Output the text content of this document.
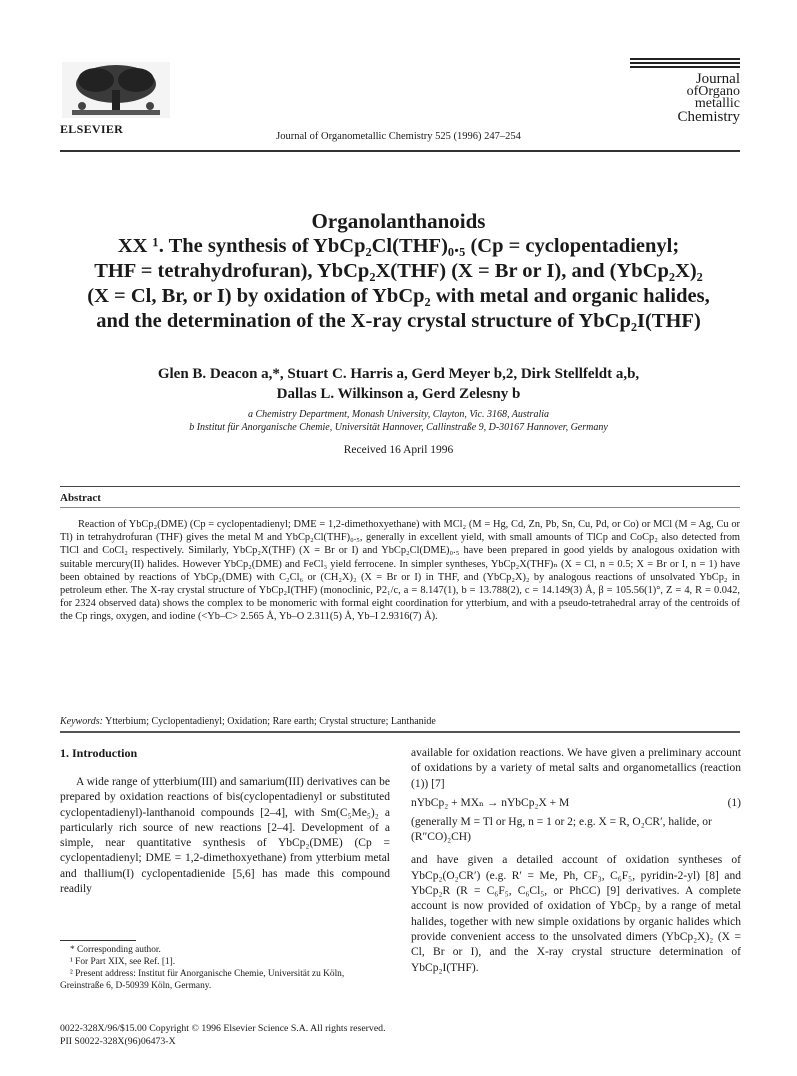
ELSEVIER
Journal of Organometallic Chemistry 525 (1996) 247–254
Journal
ofOrgano
metallic
Chemistry
Organolanthanoids
XX ¹. The synthesis of YbCp₂Cl(THF)₀.₅ (Cp = cyclopentadienyl;
THF = tetrahydrofuran), YbCp₂X(THF) (X = Br or I), and (YbCp₂X)₂
(X = Cl, Br, or I) by oxidation of YbCp₂ with metal and organic halides,
and the determination of the X-ray crystal structure of YbCp₂I(THF)
Glen B. Deacon a,*, Stuart C. Harris a, Gerd Meyer b,2, Dirk Stellfeldt a,b,
Dallas L. Wilkinson a, Gerd Zelesny b
a Chemistry Department, Monash University, Clayton, Vic. 3168, Australia
b Institut für Anorganische Chemie, Universität Hannover, Callinstraße 9, D-30167 Hannover, Germany
Received 16 April 1996
Abstract
Reaction of YbCp₂(DME) (Cp = cyclopentadienyl; DME = 1,2-dimethoxyethane) with MCl₂ (M = Hg, Cd, Zn, Pb, Sn, Cu, Pd, or Co) or MCl (M = Ag, Cu or Tl) in tetrahydrofuran (THF) gives the metal M and YbCp₂Cl(THF)₀.₅, generally in excellent yield, with small amounts of TlCp and CoCp₂ also detected from TlCl and CoCl₂ respectively. Similarly, YbCp₂X(THF) (X = Br or I) and YbCp₂Cl(DME)₀.₅ have been prepared in good yields by analogous oxidation with suitable mercury(II) halides. However YbCp₂(DME) and FeCl₃ yield ferrocene. In simpler syntheses, YbCp₂X(THF)ₙ (X = Cl, n = 0.5; X = Br or I, n = 1) have been obtained by reactions of YbCp₂(DME) with C₂Cl₆ or (CH₂X)₂ (X = Br or I) in THF, and (YbCp₂X)₂ by analogous reactions of unsolvated YbCp₂ in petroleum ether. The X-ray crystal structure of YbCp₂I(THF) (monoclinic, P2₁/c, a = 8.147(1), b = 13.788(2), c = 14.149(3) Å, β = 105.56(1)°, Z = 4, R = 0.042, for 2324 observed data) shows the complex to be monomeric with formal eight coordination for ytterbium, and with a pseudo-tetrahedral array of the centroids of the Cp rings, oxygen, and iodine (<Yb–C> 2.565 Å, Yb–O 2.311(5) Å, Yb–I 2.9316(7) Å).
Keywords: Ytterbium; Cyclopentadienyl; Oxidation; Rare earth; Crystal structure; Lanthanide
1. Introduction

A wide range of ytterbium(III) and samarium(III) derivatives can be prepared by oxidation reactions of bis(cyclopentadienyl or substituted cyclopentadienyl)-lanthanoid compounds [2–4], with Sm(C₅Me₅)₂ a particularly rich source of new reactions [2–4]. Development of a simple, near quantitative synthesis of YbCp₂(DME) (Cp = cyclopentadienyl; DME = 1,2-dimethoxyethane) from ytterbium metal and thallium(I) cyclopentadienide [5,6] has made this compound readily

* Corresponding author.
¹ For Part XIX, see Ref. [1].
² Present address: Institut für Anorganische Chemie, Universität zu Köln, Greinstraße 6, D-50939 Köln, Germany.

available for oxidation reactions. We have given a preliminary account of oxidations by a variety of metal salts and organometallics (reaction (1)) [7]

nYbCp₂ + MXₙ → nYbCp₂X + M	(1)
(generally M = Tl or Hg, n = 1 or 2; e.g. X = R, O₂CR′, halide, or (R″CO)₂CH)

and have given a detailed account of oxidation syntheses of YbCp₂(O₂CR′) (e.g. R′ = Me, Ph, CF₃, C₆F₅, pyridin-2-yl) [8] and YbCp₂R (R = C₆F₅, C₆Cl₅, or PhCC) [9] derivatives. A complete account is now provided of oxidation of YbCp₂ by a range of metal halides, together with new simple oxidations by organic halides which provide convenient access to the unsolvated dimers (YbCp₂X)₂ (X = Cl, Br or I), and the X-ray crystal structure determination of YbCp₂I(THF).

0022-328X/96/$15.00 Copyright © 1996 Elsevier Science S.A. All rights reserved.
PII S0022-328X(96)06473-X
